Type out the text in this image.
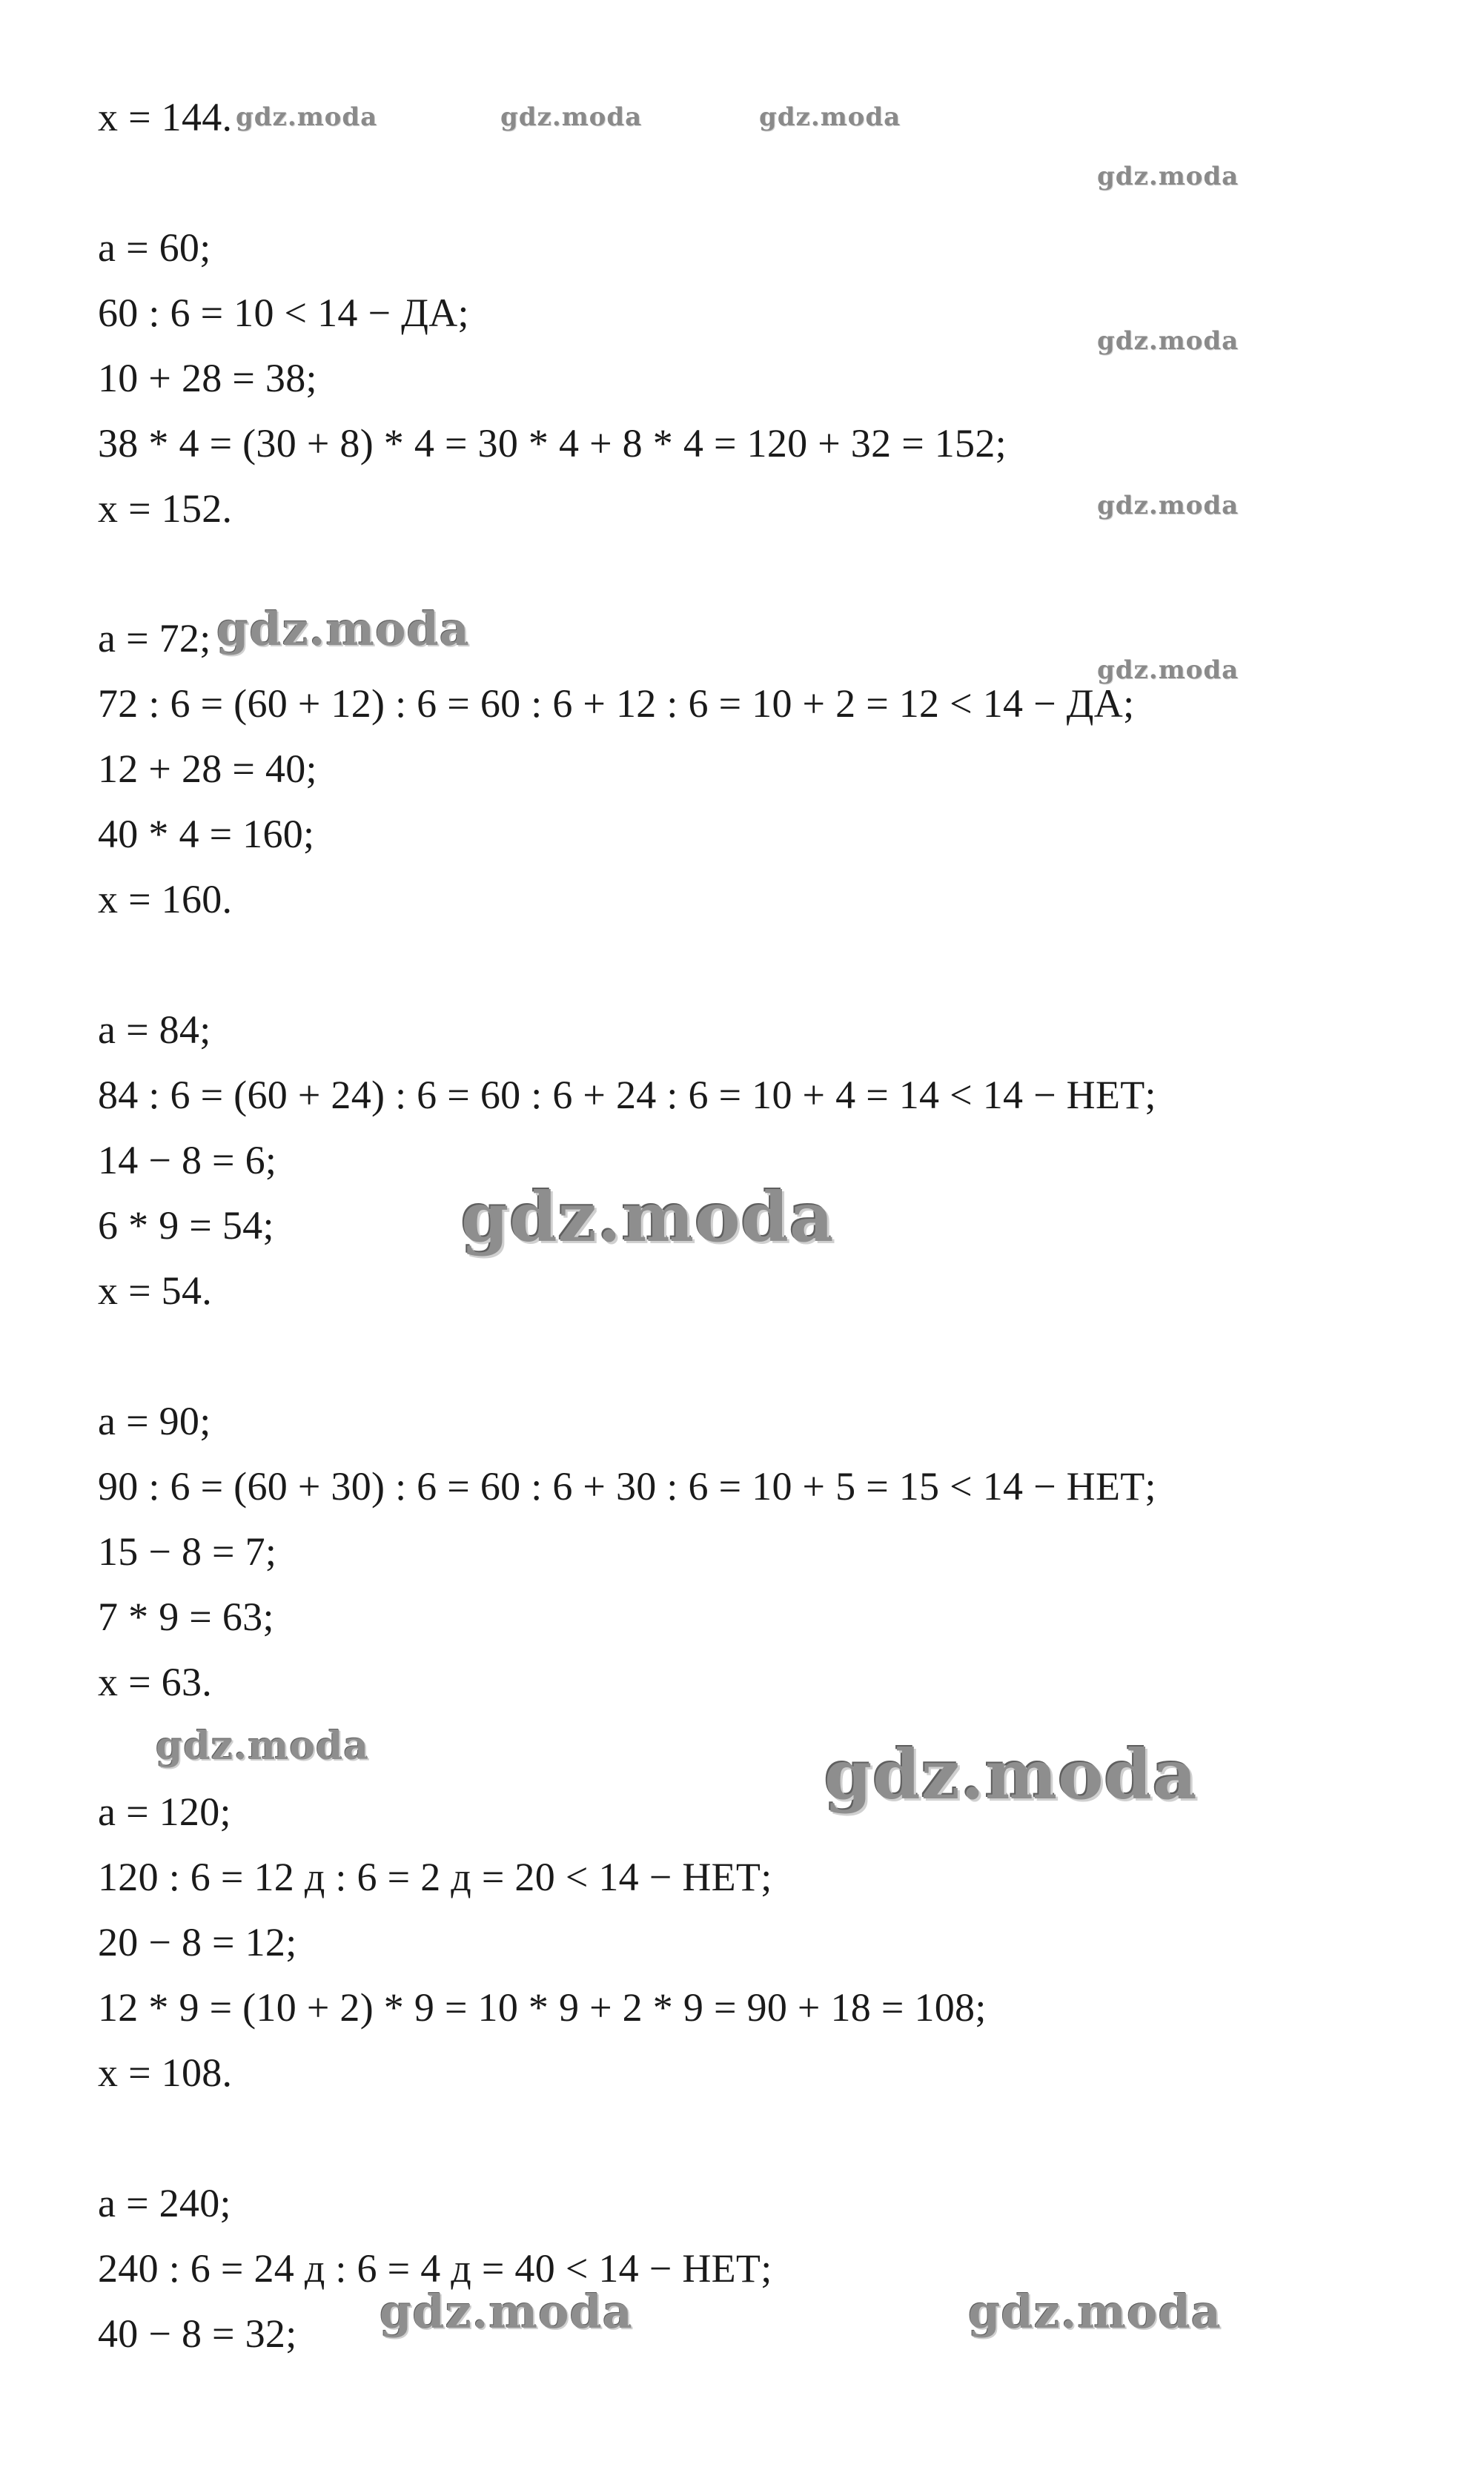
x = 144.
a = 60;
60 : 6 = 10 < 14 − ДА;
10 + 28 = 38;
38 * 4 = (30 + 8) * 4 = 30 * 4 + 8 * 4 = 120 + 32 = 152;
x = 152.
a = 72;
72 : 6 = (60 + 12) : 6 = 60 : 6 + 12 : 6 = 10 + 2 = 12 < 14 − ДА;
12 + 28 = 40;
40 * 4 = 160;
x = 160.
a = 84;
84 : 6 = (60 + 24) : 6 = 60 : 6 + 24 : 6 = 10 + 4 = 14 < 14 − НЕТ;
14 − 8 = 6;
6 * 9 = 54;
x = 54.
a = 90;
90 : 6 = (60 + 30) : 6 = 60 : 6 + 30 : 6 = 10 + 5 = 15 < 14 − НЕТ;
15 − 8 = 7;
7 * 9 = 63;
x = 63.
a = 120;
120 : 6 = 12 д : 6 = 2 д = 20 < 14 − НЕТ;
20 − 8 = 12;
12 * 9 = (10 + 2) * 9 = 10 * 9 + 2 * 9 = 90 + 18 = 108;
x = 108.
a = 240;
240 : 6 = 24 д : 6 = 4 д = 40 < 14 − НЕТ;
40 − 8 = 32;
gdz.moda	gdz.moda	gdz.moda
gdz.moda
gdz.moda
gdz.moda
gdz.moda
gdz.moda
gdz.moda
gdz.moda	gdz.moda
gdz.moda	gdz.moda
